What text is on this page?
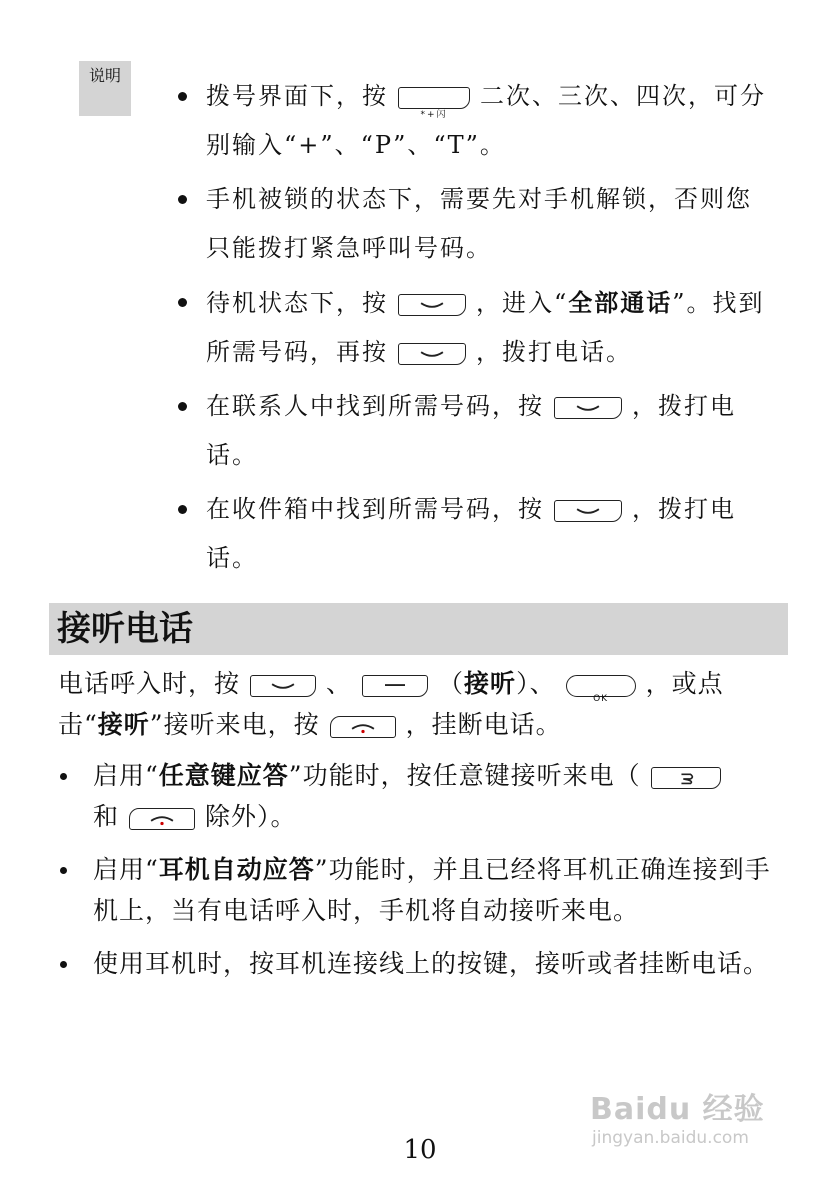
说明
拨号界面下，按
*+闪
二次、三次、四次，可分别输入“+”、“P”、“T”。
手机被锁的状态下，需要先对手机解锁，否则您只能拨打紧急呼叫号码。
待机状态下，按	，进入“全部通话”。找到所需号码，再按	，拨打电话。
在联系人中找到所需号码，按	，拨打电话。
在收件箱中找到所需号码，按	，拨打电话。
接听电话
电话呼入时，按	、	（接听）、
OK
，或点击“接听”接听来电，按	，挂断电话。
启用“任意键应答”功能时，按任意键接听来电（

和	除外）。
启用“耳机自动应答”功能时，并且已经将耳机正确连接到手机上，当有电话呼入时，手机将自动接听来电。
使用耳机时，按耳机连接线上的按键，接听或者挂断电话。
Baidu 经验
jingyan.baidu.com
10
